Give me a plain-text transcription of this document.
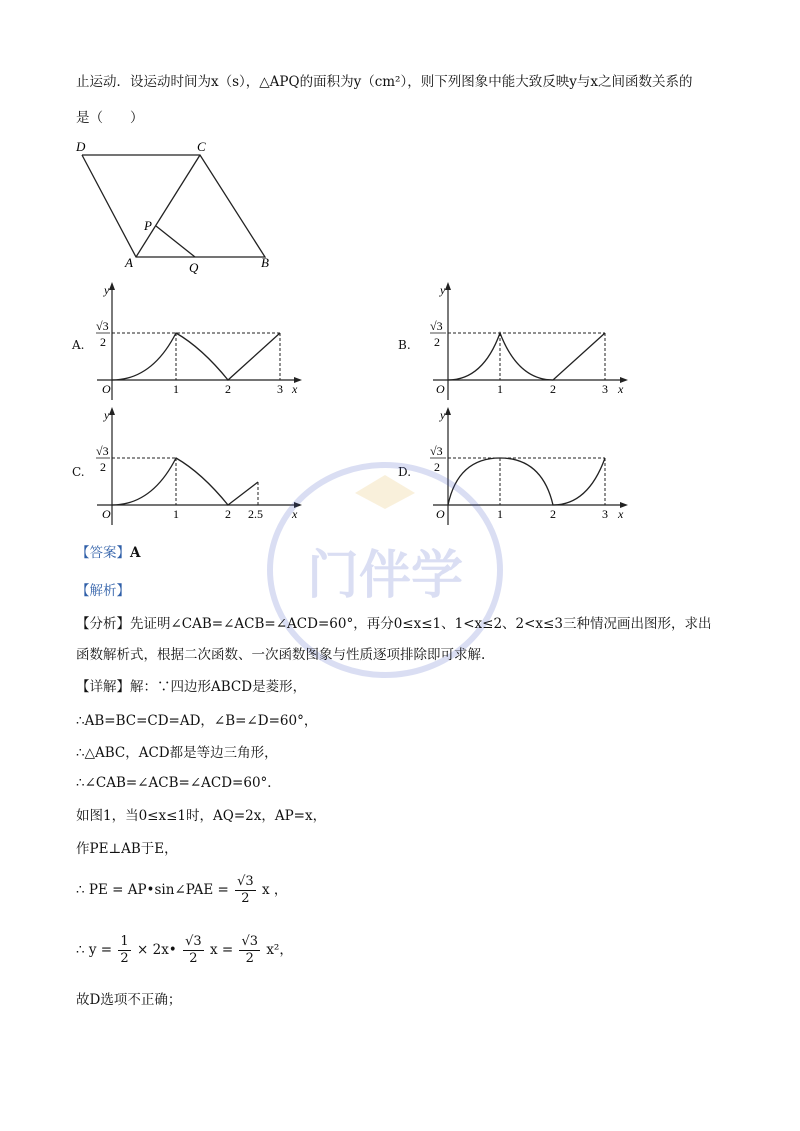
止运动．设运动时间为x（s），△APQ的面积为y（cm²），则下列图象中能大致反映y与x之间函数关系的
是（　　）
D	C
P
A	Q	B
A.	B.
C.	D.
y
√3
2
O	1	2	3 x
y
√3
2
O	1	2	3 x
y
√3
2
O	1	2 2.5 x
y
√3
2
O	1	2	3 x
门伴学
【答案】A
【解析】
【分析】先证明∠CAB=∠ACB=∠ACD=60°，再分0≤x≤1、1<x≤2、2<x≤3三种情况画出图形，求出
函数解析式，根据二次函数、一次函数图象与性质逐项排除即可求解.
【详解】解：∵四边形ABCD是菱形，
∴AB=BC=CD=AD，∠B=∠D=60°，
∴△ABC，ACD都是等边三角形，
∴∠CAB=∠ACB=∠ACD=60°．
如图1，当0≤x≤1时，AQ=2x，AP=x，
作PE⊥AB于E，
∴ PE = AP•sin∠PAE = $\frac{√3}{2}$ x ，
∴ $y = \frac{1}{2}$ × 2x• $\frac{√3}{2}$ $x = \frac{√3}{2} x^2$，
故D选项不正确；
